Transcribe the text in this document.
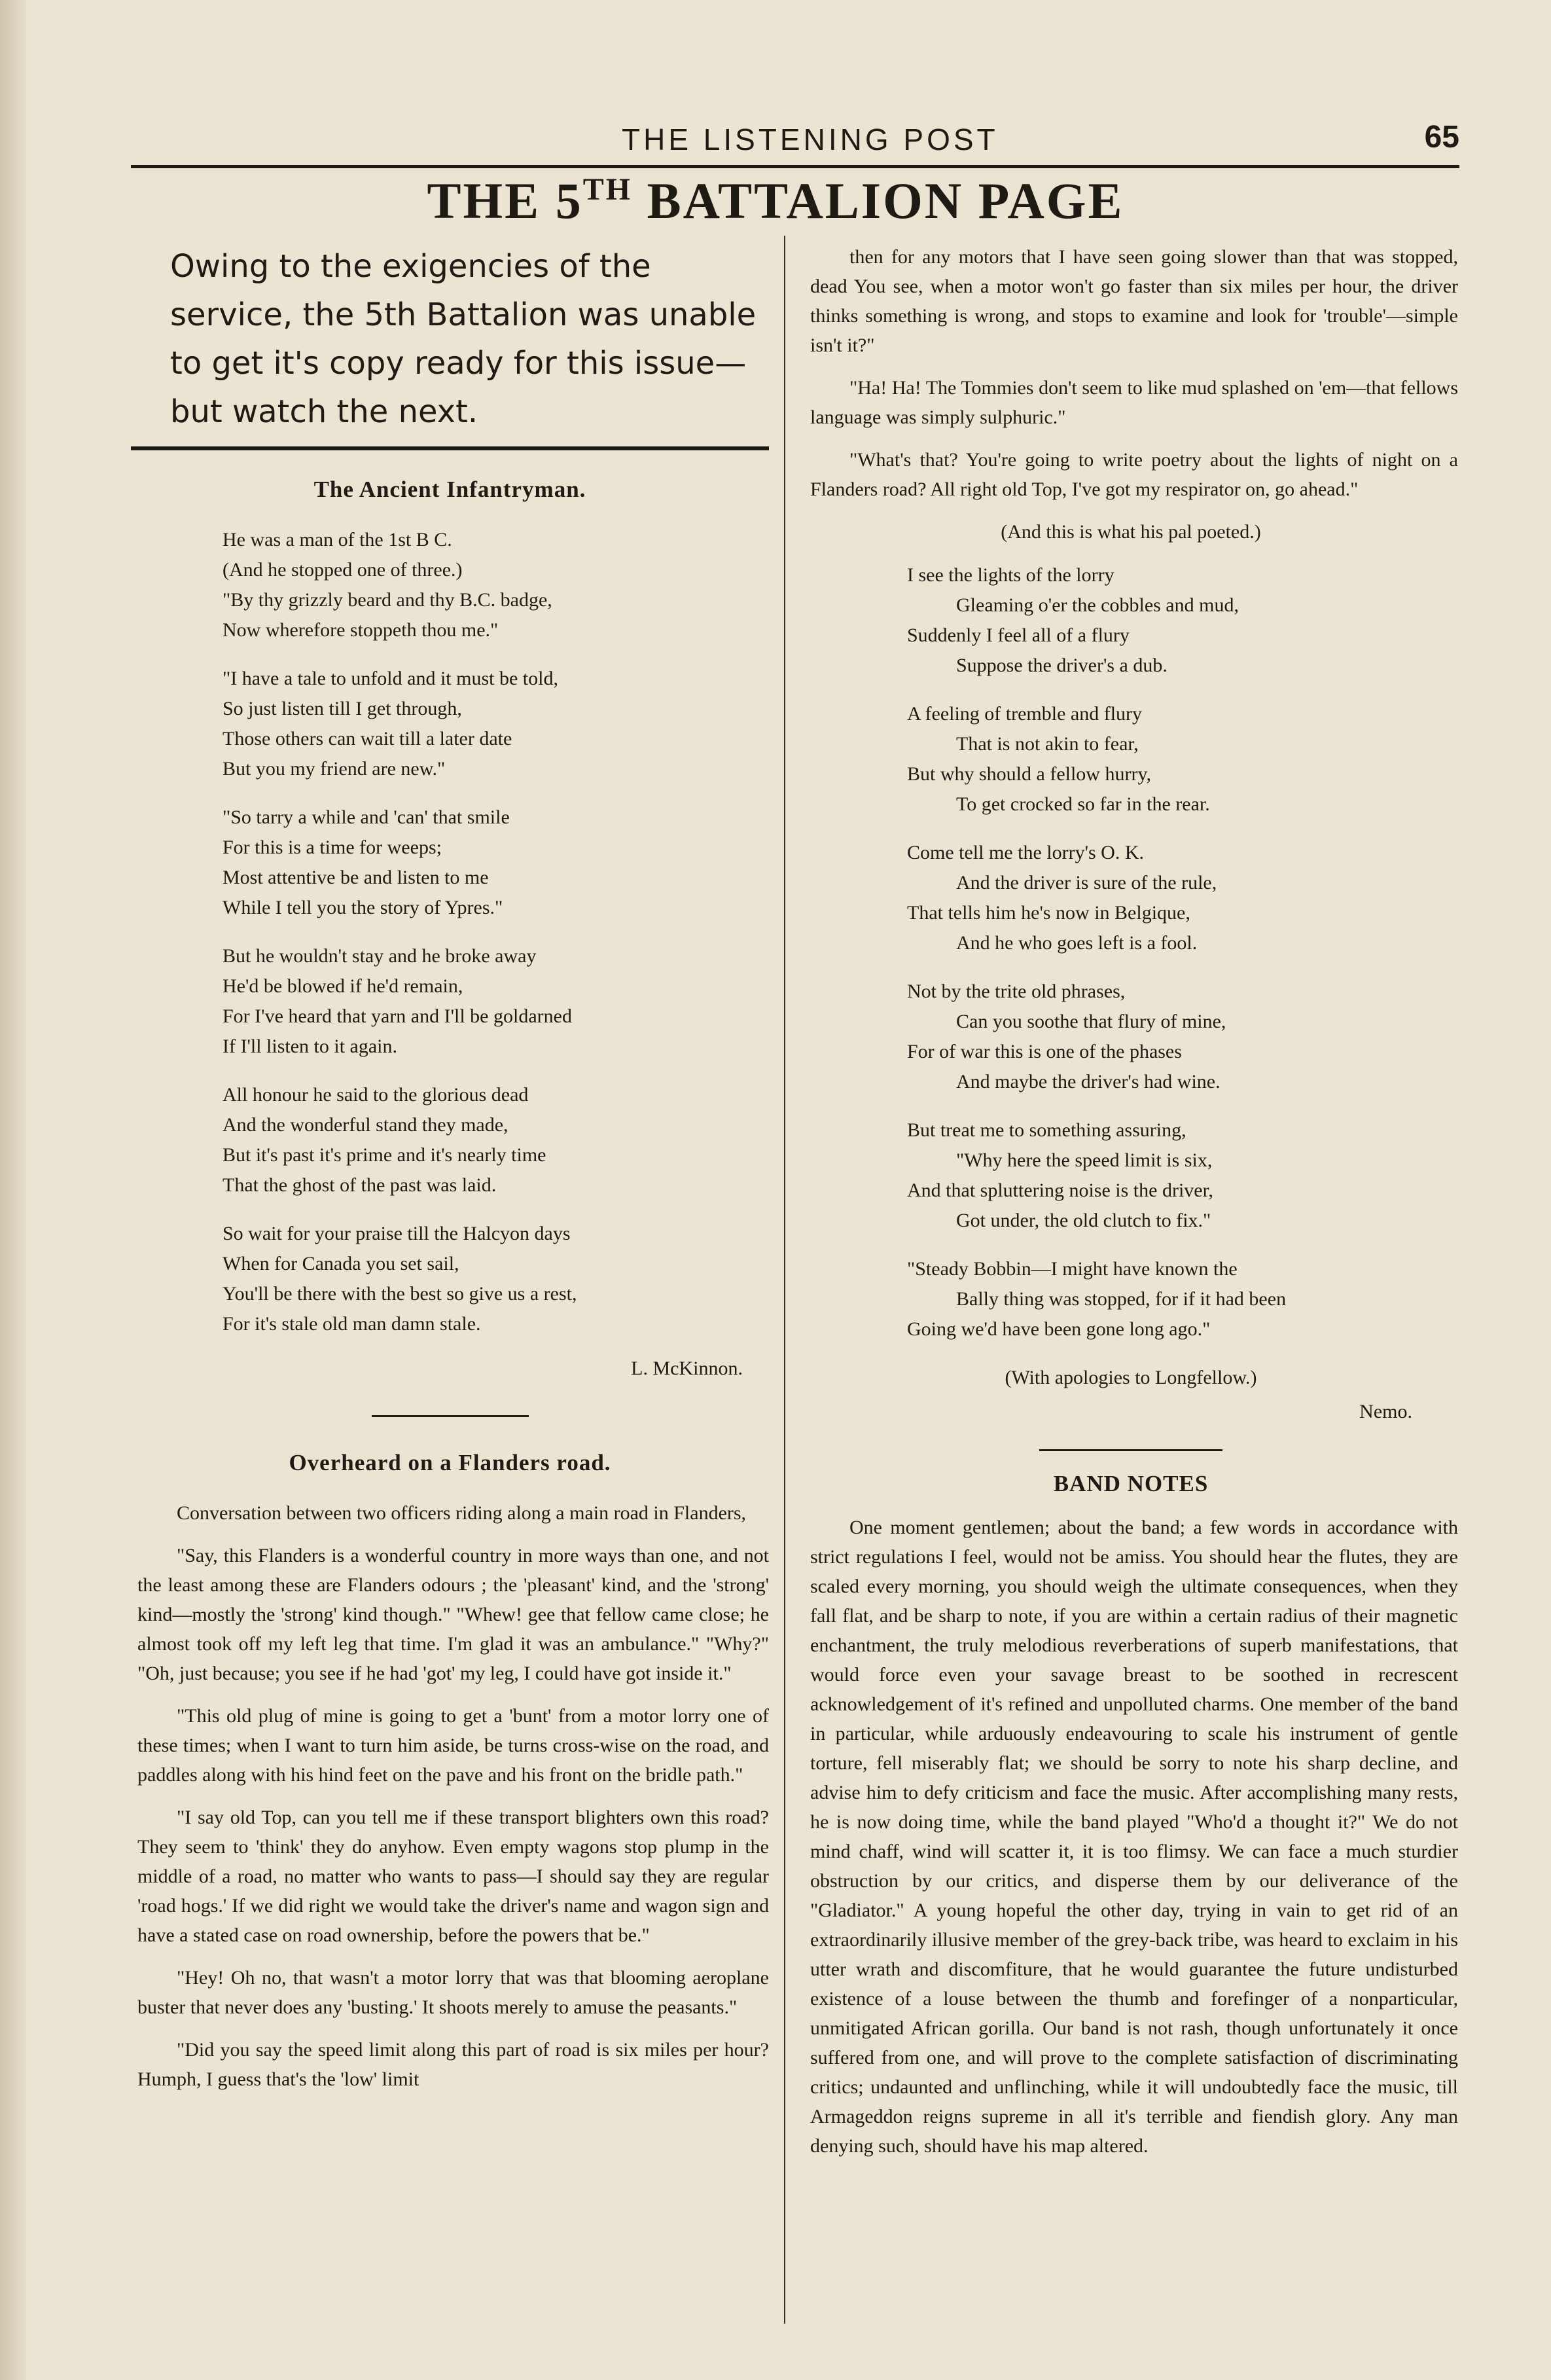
THE LISTENING POST	65
THE 5TH BATTALION PAGE

Owing to the exigencies of the service, the 5th Battalion was unable to get it's copy ready for this issue—but watch the next.

The Ancient Infantryman.
He was a man of the 1st B C.
(And he stopped one of three.)
"By thy grizzly beard and thy B.C. badge,
Now wherefore stoppeth thou me."
"I have a tale to unfold and it must be told,
So just listen till I get through,
Those others can wait till a later date
But you my friend are new."
"So tarry a while and 'can' that smile
For this is a time for weeps;
Most attentive be and listen to me
While I tell you the story of Ypres."
But he wouldn't stay and he broke away
He'd be blowed if he'd remain,
For I've heard that yarn and I'll be goldarned
If I'll listen to it again.
All honour he said to the glorious dead
And the wonderful stand they made,
But it's past it's prime and it's nearly time
That the ghost of the past was laid.
So wait for your praise till the Halcyon days
When for Canada you set sail,
You'll be there with the best so give us a rest,
For it's stale old man damn stale.
L. McKinnon.
Overheard on a Flanders road.

Conversation between two officers riding along a main road in Flanders,

"Say, this Flanders is a wonderful country in more ways than one, and not the least among these are Flanders odours ; the 'pleasant' kind, and the 'strong' kind—mostly the 'strong' kind though." "Whew! gee that fellow came close; he almost took off my left leg that time. I'm glad it was an ambulance." "Why?" "Oh, just because; you see if he had 'got' my leg, I could have got inside it."

"This old plug of mine is going to get a 'bunt' from a motor lorry one of these times; when I want to turn him aside, be turns cross-wise on the road, and paddles along with his hind feet on the pave and his front on the bridle path."

"I say old Top, can you tell me if these transport blighters own this road? They seem to 'think' they do anyhow. Even empty wagons stop plump in the middle of a road, no matter who wants to pass—I should say they are regular 'road hogs.' If we did right we would take the driver's name and wagon sign and have a stated case on road ownership, before the powers that be."

"Hey! Oh no, that wasn't a motor lorry that was that blooming aeroplane buster that never does any 'busting.' It shoots merely to amuse the peasants."

"Did you say the speed limit along this part of road is six miles per hour? Humph, I guess that's the 'low' limit

then for any motors that I have seen going slower than that was stopped, dead You see, when a motor won't go faster than six miles per hour, the driver thinks something is wrong, and stops to examine and look for 'trouble'—simple isn't it?"

"Ha! Ha! The Tommies don't seem to like mud splashed on 'em—that fellows language was simply sulphuric."

"What's that? You're going to write poetry about the lights of night on a Flanders road? All right old Top, I've got my respirator on, go ahead."

(And this is what his pal poeted.)
I see the lights of the lorry
Gleaming o'er the cobbles and mud,
Suddenly I feel all of a flury
Suppose the driver's a dub.
A feeling of tremble and flury
That is not akin to fear,
But why should a fellow hurry,
To get crocked so far in the rear.
Come tell me the lorry's O. K.
And the driver is sure of the rule,
That tells him he's now in Belgique,
And he who goes left is a fool.
Not by the trite old phrases,
Can you soothe that flury of mine,
For of war this is one of the phases
And maybe the driver's had wine.
But treat me to something assuring,
"Why here the speed limit is six,
And that spluttering noise is the driver,
Got under, the old clutch to fix."
"Steady Bobbin—I might have known the
Bally thing was stopped, for if it had been
Going we'd have been gone long ago."
(With apologies to Longfellow.)
Nemo.
BAND NOTES

One moment gentlemen; about the band; a few words in accordance with strict regulations I feel, would not be amiss. You should hear the flutes, they are scaled every morning, you should weigh the ultimate consequences, when they fall flat, and be sharp to note, if you are within a certain radius of their magnetic enchantment, the truly melodious reverberations of superb manifestations, that would force even your savage breast to be soothed in recrescent acknowledgement of it's refined and unpolluted charms. One member of the band in particular, while arduously endeavouring to scale his instrument of gentle torture, fell miserably flat; we should be sorry to note his sharp decline, and advise him to defy criticism and face the music. After accomplishing many rests, he is now doing time, while the band played "Who'd a thought it?" We do not mind chaff, wind will scatter it, it is too flimsy. We can face a much sturdier obstruction by our critics, and disperse them by our deliverance of the "Gladiator." A young hopeful the other day, trying in vain to get rid of an extraordinarily illusive member of the grey-back tribe, was heard to exclaim in his utter wrath and discomfiture, that he would guarantee the future undisturbed existence of a louse between the thumb and forefinger of a nonparticular, unmitigated African gorilla. Our band is not rash, though unfortunately it once suffered from one, and will prove to the complete satisfaction of discriminating critics; undaunted and unflinching, while it will undoubtedly face the music, till Armageddon reigns supreme in all it's terrible and fiendish glory. Any man denying such, should have his map altered.
